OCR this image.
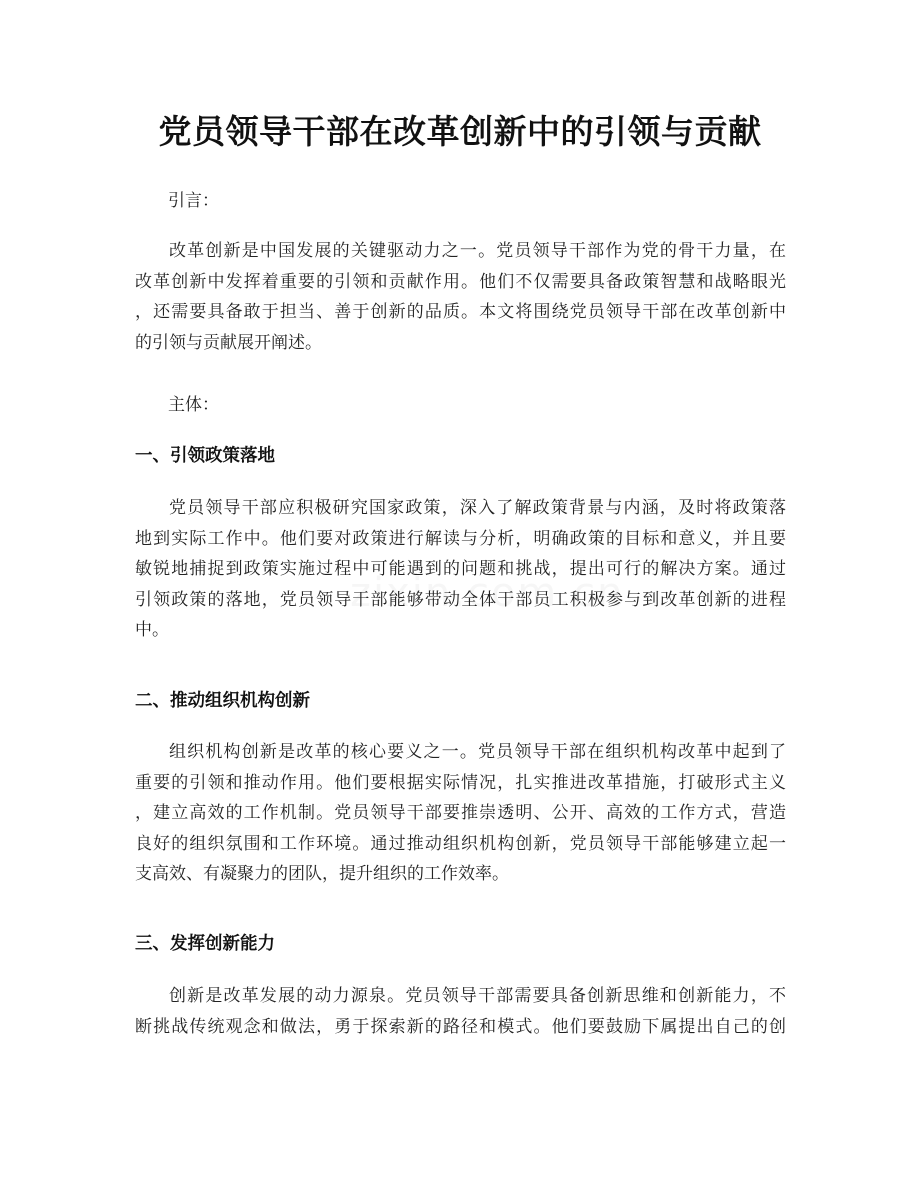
党员领导干部在改革创新中的引领与贡献
引言：
改革创新是中国发展的关键驱动力之一。党员领导干部作为党的骨干力量，在
改革创新中发挥着重要的引领和贡献作用。他们不仅需要具备政策智慧和战略眼光
，还需要具备敢于担当、善于创新的品质。本文将围绕党员领导干部在改革创新中
的引领与贡献展开阐述。
主体：
一、引领政策落地
党员领导干部应积极研究国家政策，深入了解政策背景与内涵，及时将政策落
地到实际工作中。他们要对政策进行解读与分析，明确政策的目标和意义，并且要
敏锐地捕捉到政策实施过程中可能遇到的问题和挑战，提出可行的解决方案。通过
引领政策的落地，党员领导干部能够带动全体干部员工积极参与到改革创新的进程
中。
二、推动组织机构创新
组织机构创新是改革的核心要义之一。党员领导干部在组织机构改革中起到了
重要的引领和推动作用。他们要根据实际情况，扎实推进改革措施，打破形式主义
，建立高效的工作机制。党员领导干部要推崇透明、公开、高效的工作方式，营造
良好的组织氛围和工作环境。通过推动组织机构创新，党员领导干部能够建立起一
支高效、有凝聚力的团队，提升组织的工作效率。
三、发挥创新能力
创新是改革发展的动力源泉。党员领导干部需要具备创新思维和创新能力，不
断挑战传统观念和做法，勇于探索新的路径和模式。他们要鼓励下属提出自己的创
